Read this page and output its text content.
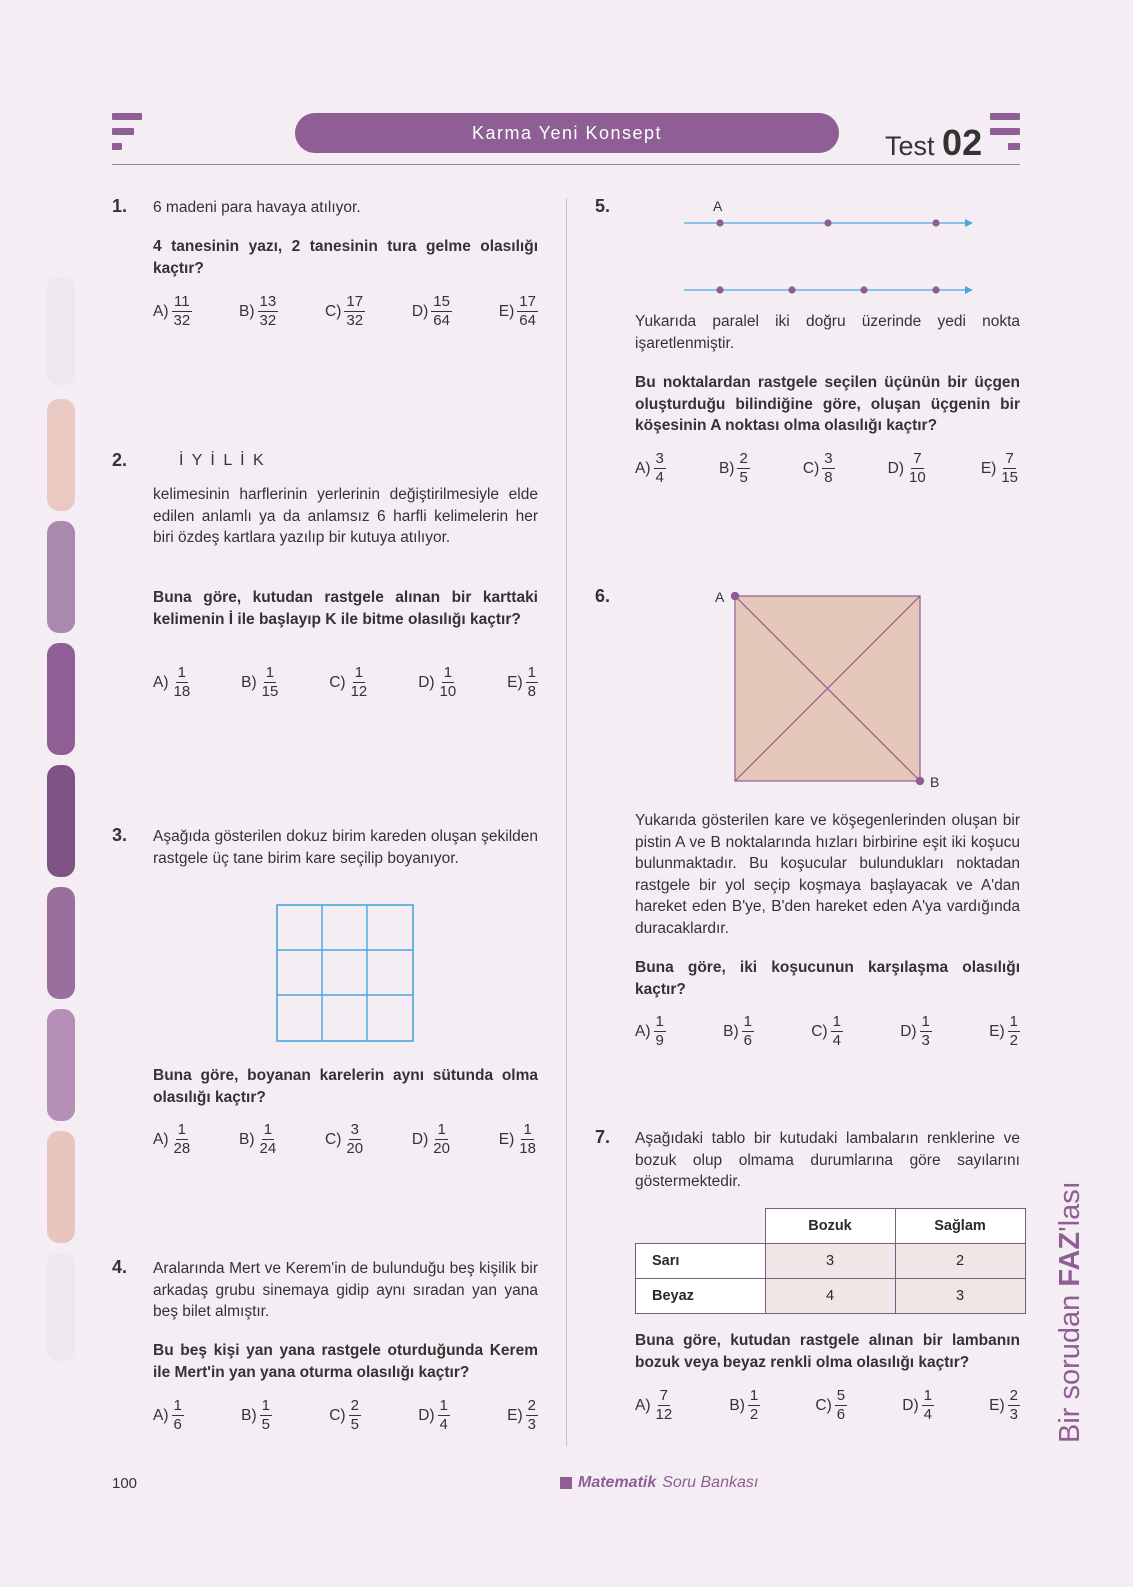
Karma Yeni Konsept	Test 02
1. 6 madeni para havaya atılıyor.
4 tanesinin yazı, 2 tanesinin tura gelme olasılığı kaçtır?
$A) \frac{11}{32}$	$B) \frac{13}{32}$	$C) \frac{17}{32}$	$D) \frac{15}{64}$	$E) \frac{17}{64}$
2.	İ Y İ L İ K
kelimesinin harflerinin yerlerinin değiştirilmesiyle elde edilen anlamlı ya da anlamsız 6 harfli kelimelerin her biri özdeş kartlara yazılıp bir kutuya atılıyor.
Buna göre, kutudan rastgele alınan bir karttaki kelimenin İ ile başlayıp K ile bitme olasılığı kaçtır?
$A) \frac{1}{18}$	$B) \frac{1}{15}$	$C) \frac{1}{12}$	$D) \frac{1}{10}$	$E) \frac{1}{8}$
3. Aşağıda gösterilen dokuz birim kareden oluşan şekilden rastgele üç tane birim kare seçilip boyanıyor.
Buna göre, boyanan karelerin aynı sütunda olma olasılığı kaçtır?
$A) \frac{1}{28}$	$B) \frac{1}{24}$	$C) \frac{3}{20}$	$D) \frac{1}{20}$	$E) \frac{1}{18}$
4. Aralarında Mert ve Kerem'in de bulunduğu beş kişilik bir arkadaş grubu sinemaya gidip aynı sıradan yan yana beş bilet almıştır.
Bu beş kişi yan yana rastgele oturduğunda Kerem ile Mert'in yan yana oturma olasılığı kaçtır?
$A) \frac{1}{6}$	$B) \frac{1}{5}$	$C) \frac{2}{5}$	$D) \frac{1}{4}$	$E) \frac{2}{3}$
5.	A
Yukarıda paralel iki doğru üzerinde yedi nokta işaretlenmiştir.
Bu noktalardan rastgele seçilen üçünün bir üçgen oluşturduğu bilindiğine göre, oluşan üçgenin bir köşesinin A noktası olma olasılığı kaçtır?
$A) \frac{3}{4}$	$B) \frac{2}{5}$	$C) \frac{3}{8}$	$D) \frac{7}{10}$	$E) \frac{7}{15}$
6.	A
B
Yukarıda gösterilen kare ve köşegenlerinden oluşan bir pistin A ve B noktalarında hızları birbirine eşit iki koşucu bulunmaktadır. Bu koşucular bulundukları noktadan rastgele bir yol seçip koşmaya başlayacak ve A'dan hareket eden B'ye, B'den hareket eden A'ya vardığında duracaklardır.
Buna göre, iki koşucunun karşılaşma olasılığı kaçtır?
$A) \frac{1}{9}$	$B) \frac{1}{6}$	$C) \frac{1}{4}$	$D) \frac{1}{3}$	$E) \frac{1}{2}$
7. Aşağıdaki tablo bir kutudaki lambaların renklerine ve bozuk olup olmama durumlarına göre sayılarını göstermektedir.
	Bozuk	Sağlam
Sarı	3	2
Beyaz	4	3
Buna göre, kutudan rastgele alınan bir lambanın bozuk veya beyaz renkli olma olasılığı kaçtır?
$A) \frac{7}{12}$	$B) \frac{1}{2}$	$C) \frac{5}{6}$	$D) \frac{1}{4}$	$E) \frac{2}{3}$ Bir sorudan FAZ'lası
100	Matematik Soru Bankası
